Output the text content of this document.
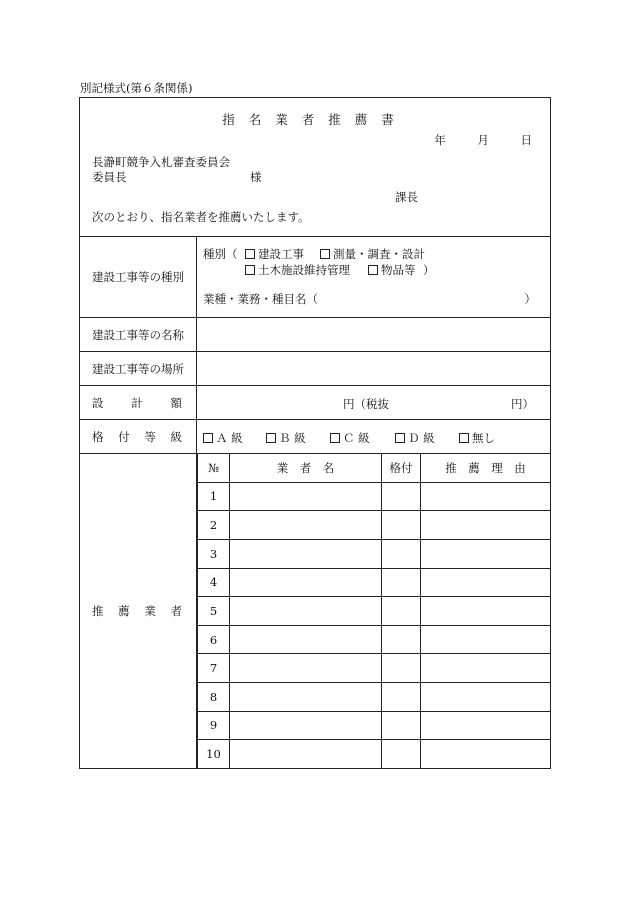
別記様式(第６条関係)
指名業者推薦書
年	月	日
長瀞町競争入札審査委員会
委員長	様
課長
次のとおり、指名業者を推薦いたします。
建設工事等の種別
種別（	建設工事	測量・調査・設計
土木施設維持管理	物品等 ）
業種・業務・種目名（	）
建設工事等の名称
建設工事等の場所
設 計 額	円（税抜	円）
格 付 等 級	Ａ 級	Ｂ 級	Ｃ 級	Ｄ 級	無し
推 薦 業 者
№	業　者　名	格付	推　薦　理　由
1			
2			
3			
4			
5			
6			
7			
8			
9			
10			
